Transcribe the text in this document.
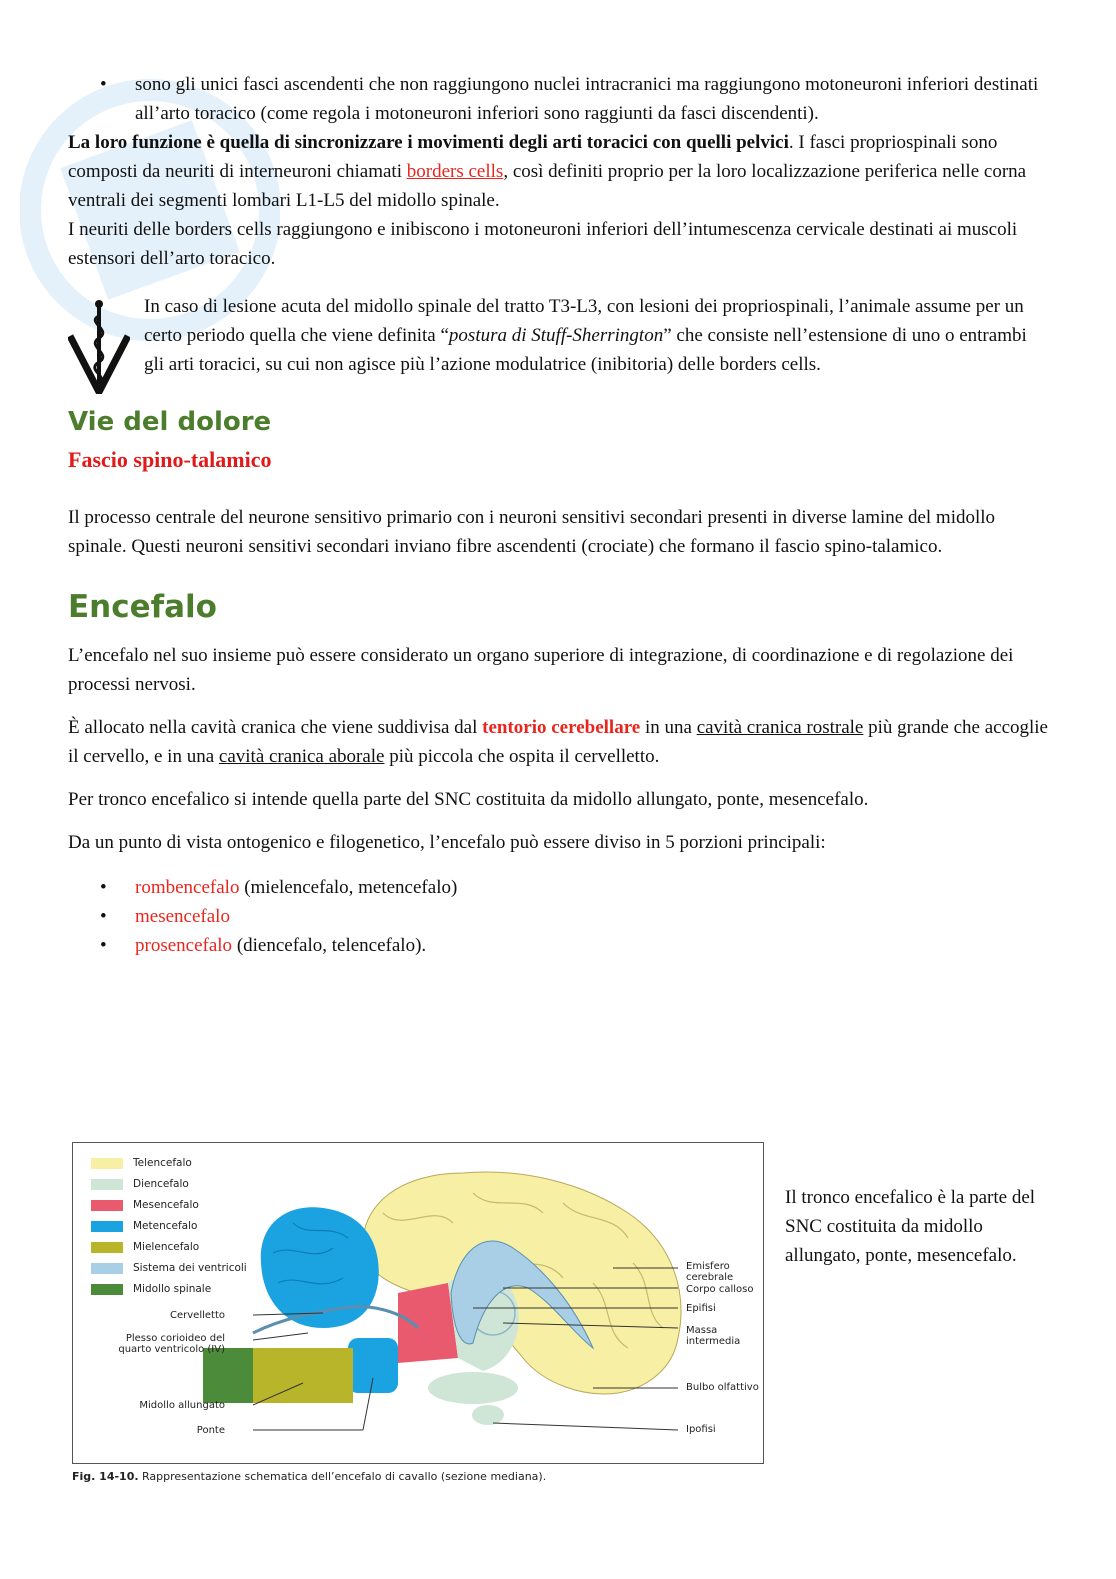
• sono gli unici fasci ascendenti che non raggiungono nuclei intracranici ma raggiungono motoneuroni inferiori destinati all’arto toracico (come regola i motoneuroni inferiori sono raggiunti da fasci discendenti).

La loro funzione è quella di sincronizzare i movimenti degli arti toracici con quelli pelvici. I fasci propriospinali sono composti da neuriti di interneuroni chiamati borders cells, così definiti proprio per la loro localizzazione periferica nelle corna ventrali dei segmenti lombari L1-L5 del midollo spinale.

I neuriti delle borders cells raggiungono e inibiscono i motoneuroni inferiori dell’intumescenza cervicale destinati ai muscoli estensori dell’arto toracico.

In caso di lesione acuta del midollo spinale del tratto T3-L3, con lesioni dei propriospinali, l’animale assume per un certo periodo quella che viene definita “postura di Stuff-Sherrington” che consiste nell’estensione di uno o entrambi gli arti toracici, su cui non agisce più l’azione modulatrice (inibitoria) delle borders cells.

Vie del dolore
Fascio spino-talamico

Il processo centrale del neurone sensitivo primario con i neuroni sensitivi secondari presenti in diverse lamine del midollo spinale. Questi neuroni sensitivi secondari inviano fibre ascendenti (crociate) che formano il fascio spino-talamico.

Encefalo

L’encefalo nel suo insieme può essere considerato un organo superiore di integrazione, di coordinazione e di regolazione dei processi nervosi.

È allocato nella cavità cranica che viene suddivisa dal tentorio cerebellare in una cavità cranica rostrale più grande che accoglie il cervello, e in una cavità cranica aborale più piccola che ospita il cervelletto.

Per tronco encefalico si intende quella parte del SNC costituita da midollo allungato, ponte, mesencefalo.

Da un punto di vista ontogenico e filogenetico, l’encefalo può essere diviso in 5 porzioni principali:

• rombencefalo (mielencefalo, metencefalo)
• mesencefalo
• prosencefalo (diencefalo, telencefalo).
Telencefalo
Diencefalo
Mesencefalo
Metencefalo
Mielencefalo
Sistema dei ventricoli
Midollo spinale
Cervelletto
Plesso corioideo del quarto ventricolo (IV)
Midollo allungato
Ponte
Emisfero cerebrale
Corpo calloso
Epifisi
Massa intermedia
Bulbo olfattivo
Ipofisi
Fig. 14-10. Rappresentazione schematica dell’encefalo di cavallo (sezione mediana).

Il tronco encefalico è la parte del SNC costituita da midollo allungato, ponte, mesencefalo.
